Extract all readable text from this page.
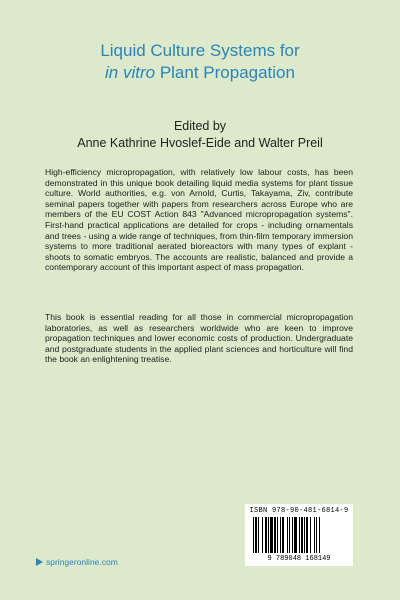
Liquid Culture Systems for
in vitro Plant Propagation
Edited by
Anne Kathrine Hvoslef-Eide and Walter Preil

High-efficiency micropropagation, with relatively low labour costs, has been demonstrated in this unique book detailing liquid media systems for plant tissue culture. World authorities, e.g. von Arnold, Curtis, Takayama, Ziv, contribute seminal papers together with papers from researchers across Europe who are members of the EU COST Action 843 "Advanced micropropagation systems". First-hand practical applications are detailed for crops - including ornamentals and trees - using a wide range of techniques, from thin-film temporary immersion systems to more traditional aerated bioreactors with many types of explant - shoots to somatic embryos. The accounts are realistic, balanced and provide a contemporary account of this important aspect of mass propagation.

This book is essential reading for all those in commercial micropropagation laboratories, as well as researchers worldwide who are keen to improve propagation techniques and lower economic costs of production. Undergraduate and postgraduate students in the applied plant sciences and horticulture will find the book an enlightening treatise.

ISBN 978-90-481-6814-9
9 789048 168149
springeronline.com
